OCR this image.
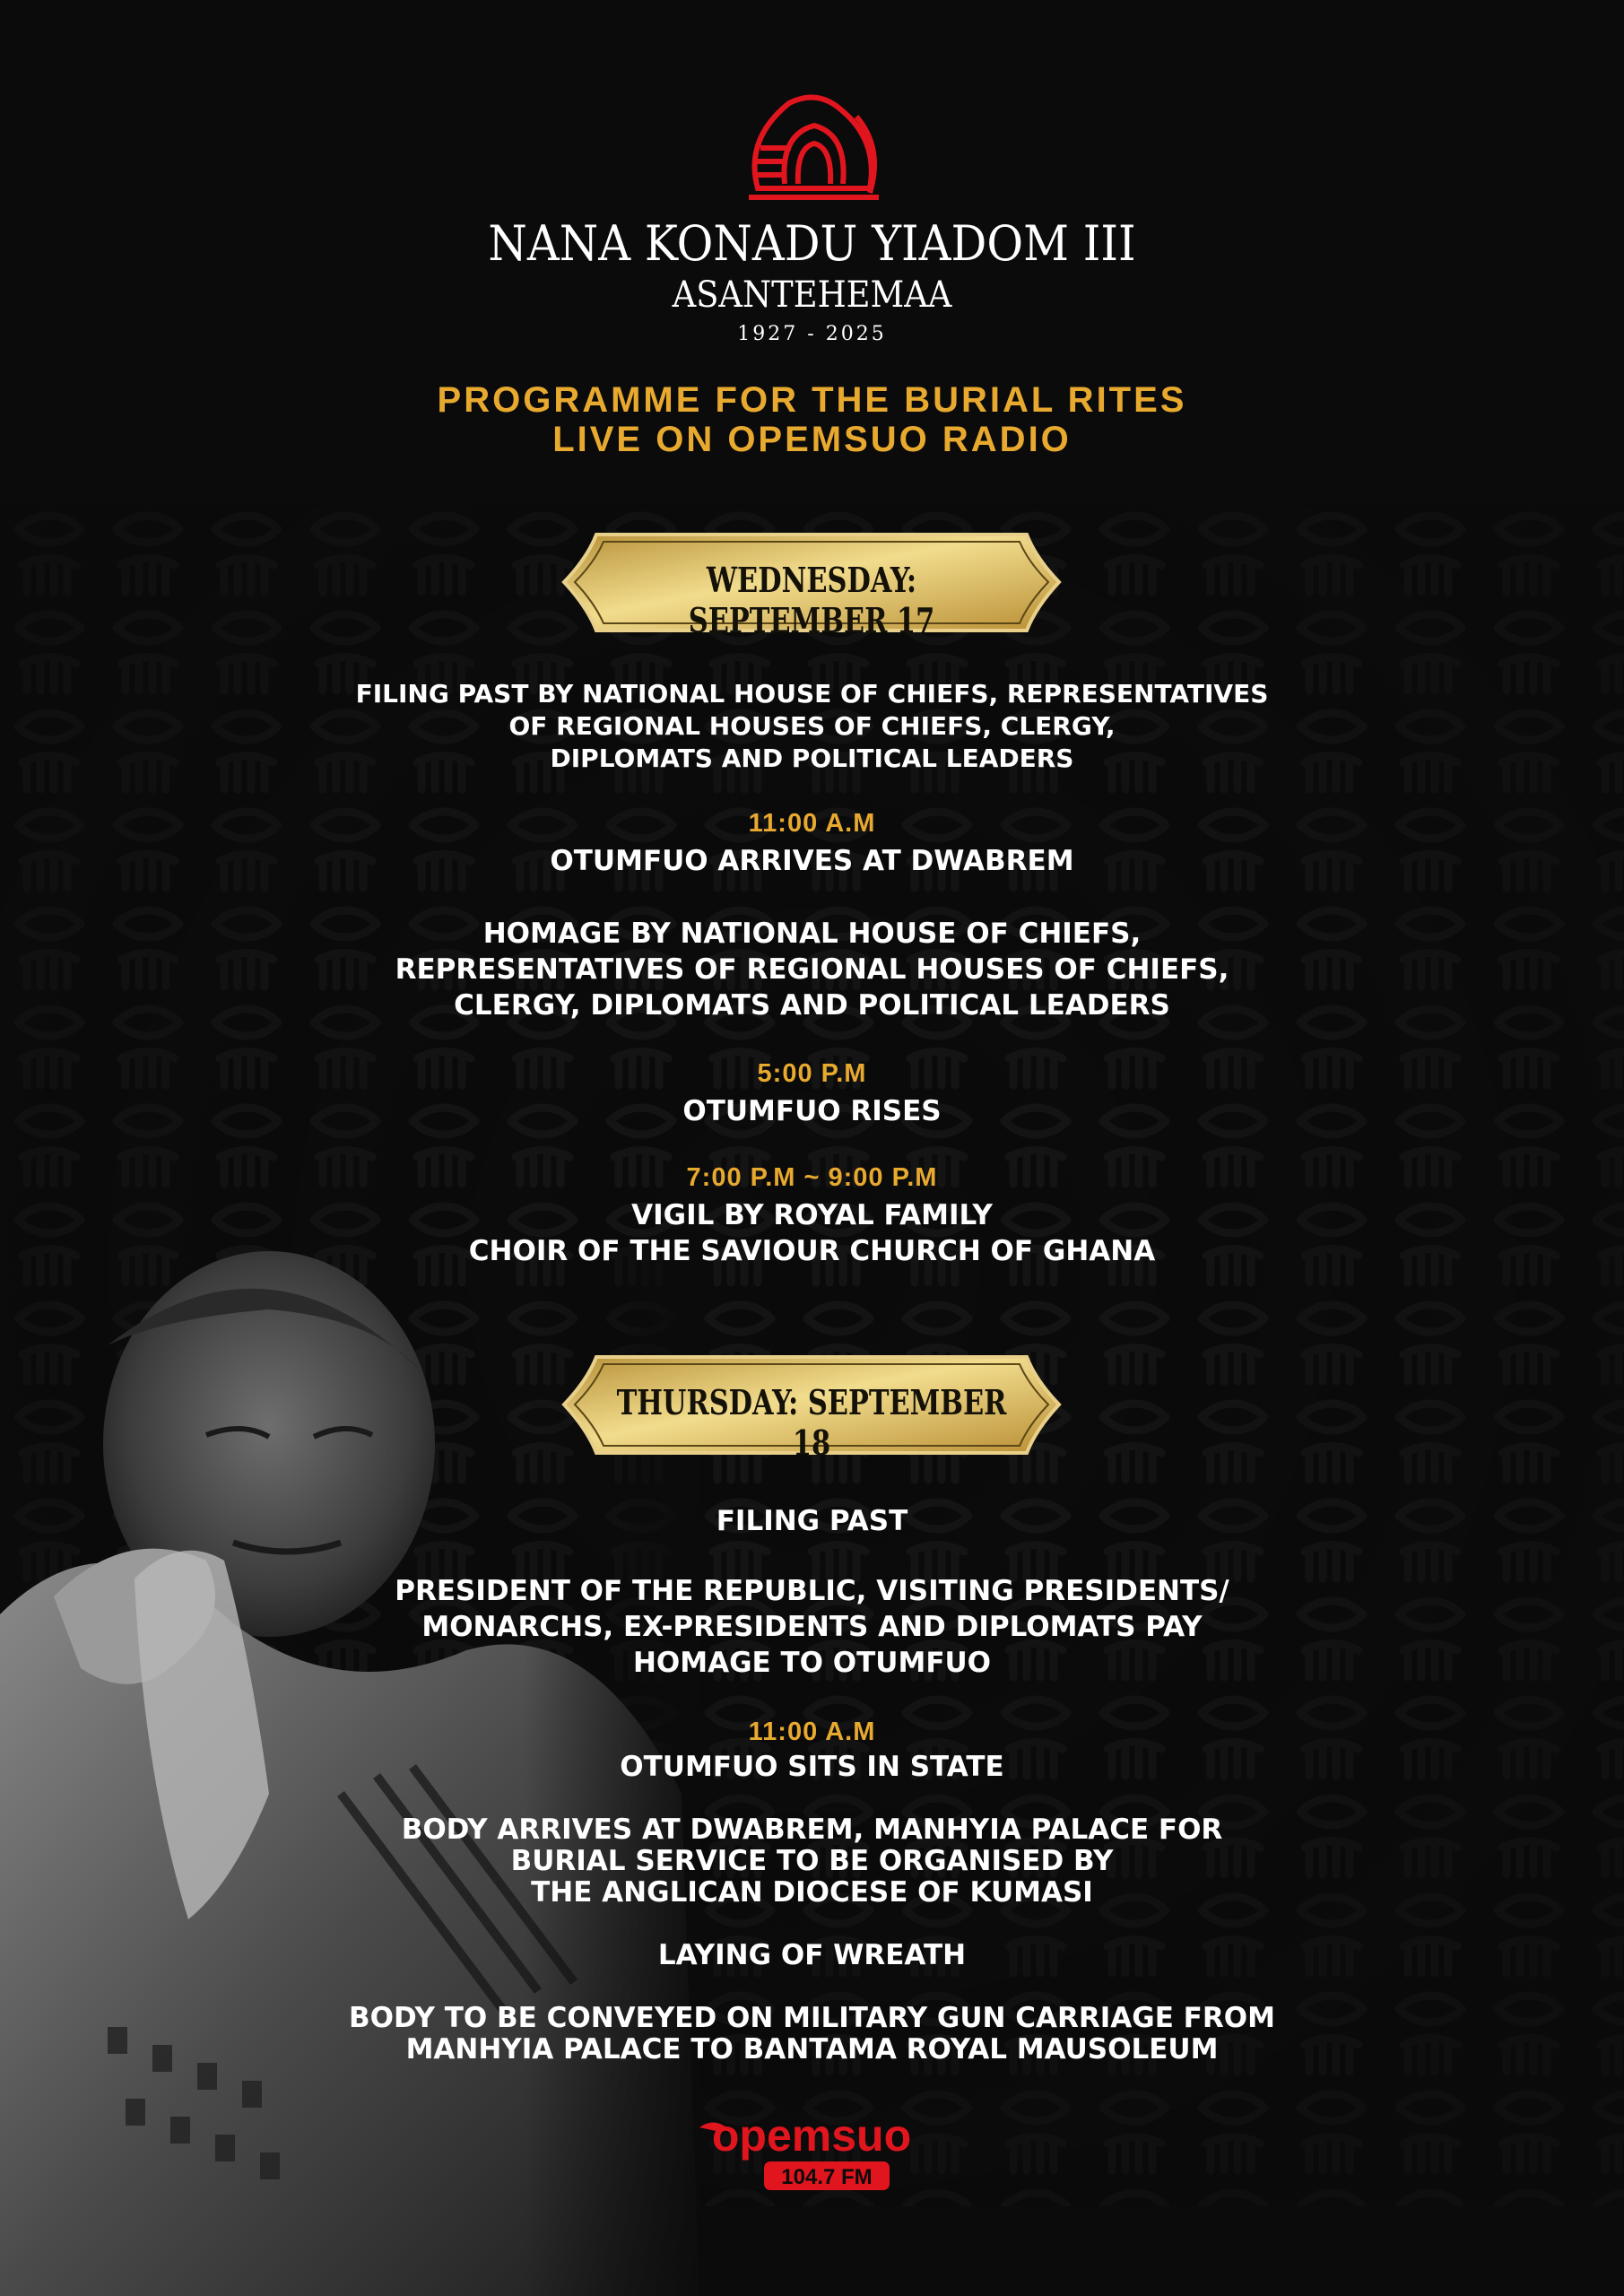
NANA KONADU YIADOM III
ASANTEHEMAA
1927 - 2025
PROGRAMME FOR THE BURIAL RITES
LIVE ON OPEMSUO RADIO
WEDNESDAY: SEPTEMBER 17
FILING PAST BY NATIONAL HOUSE OF CHIEFS, REPRESENTATIVES
OF REGIONAL HOUSES OF CHIEFS, CLERGY,
DIPLOMATS AND POLITICAL LEADERS
11:00 A.M
OTUMFUO ARRIVES AT DWABREM
HOMAGE BY NATIONAL HOUSE OF CHIEFS,
REPRESENTATIVES OF REGIONAL HOUSES OF CHIEFS,
CLERGY, DIPLOMATS AND POLITICAL LEADERS
5:00 P.M
OTUMFUO RISES
7:00 P.M ~ 9:00 P.M
VIGIL BY ROYAL FAMILY
CHOIR OF THE SAVIOUR CHURCH OF GHANA
THURSDAY: SEPTEMBER 18
FILING PAST
PRESIDENT OF THE REPUBLIC, VISITING PRESIDENTS/
MONARCHS, EX-PRESIDENTS AND DIPLOMATS PAY
HOMAGE TO OTUMFUO
11:00 A.M
OTUMFUO SITS IN STATE
BODY ARRIVES AT DWABREM, MANHYIA PALACE FOR
BURIAL SERVICE TO BE ORGANISED BY
THE ANGLICAN DIOCESE OF KUMASI
LAYING OF WREATH
BODY TO BE CONVEYED ON MILITARY GUN CARRIAGE FROM
MANHYIA PALACE TO BANTAMA ROYAL MAUSOLEUM
opemsuo
104.7 FM
